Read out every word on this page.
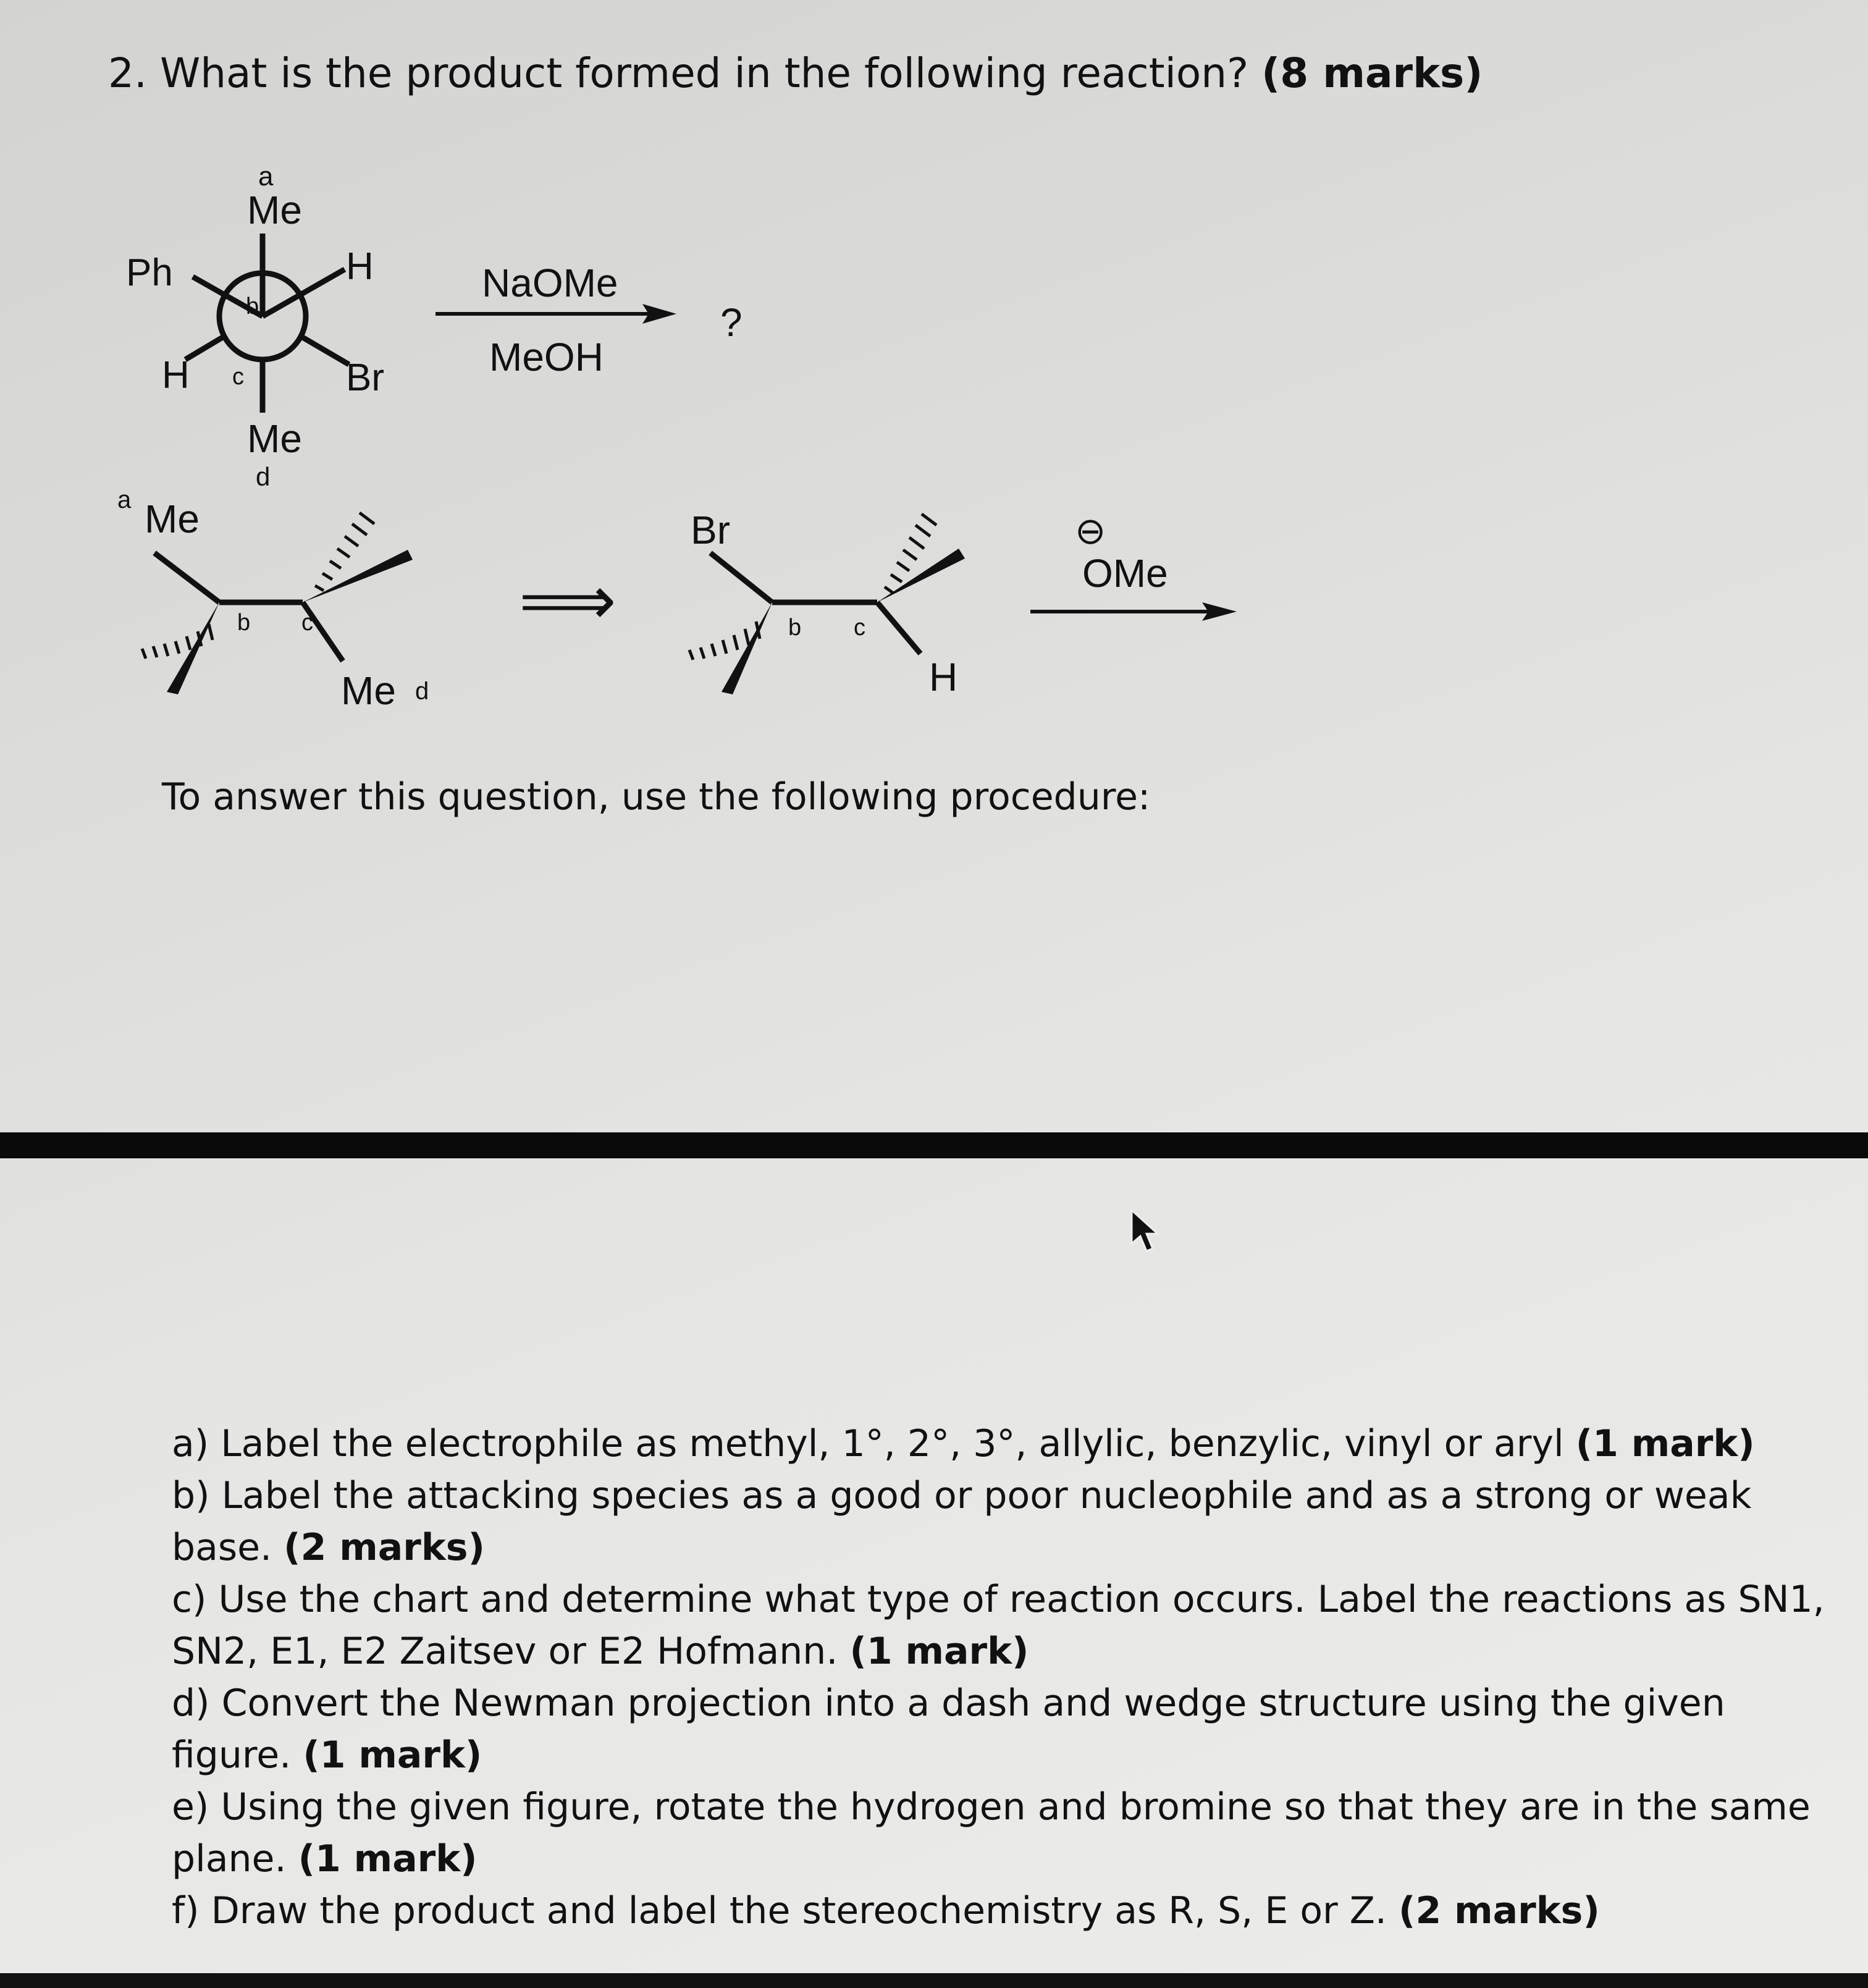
2. What is the product formed in the following reaction? (8 marks)
a
Me
Ph	H
b
H c	Br
Me
d
NaOMe
MeOH
?
a Me
b c
Me d
⟹
Br
b c
H
⊖
OMe
To answer this question, use the following procedure:
a) Label the electrophile as methyl, 1°, 2°, 3°, allylic, benzylic, vinyl or aryl (1 mark)
b) Label the attacking species as a good or poor nucleophile and as a strong or weak base. (2 marks)
c) Use the chart and determine what type of reaction occurs. Label the reactions as SN1, SN2, E1, E2 Zaitsev or E2 Hofmann. (1 mark)
d) Convert the Newman projection into a dash and wedge structure using the given figure. (1 mark)
e) Using the given figure, rotate the hydrogen and bromine so that they are in the same plane. (1 mark)
f) Draw the product and label the stereochemistry as R, S, E or Z. (2 marks)
